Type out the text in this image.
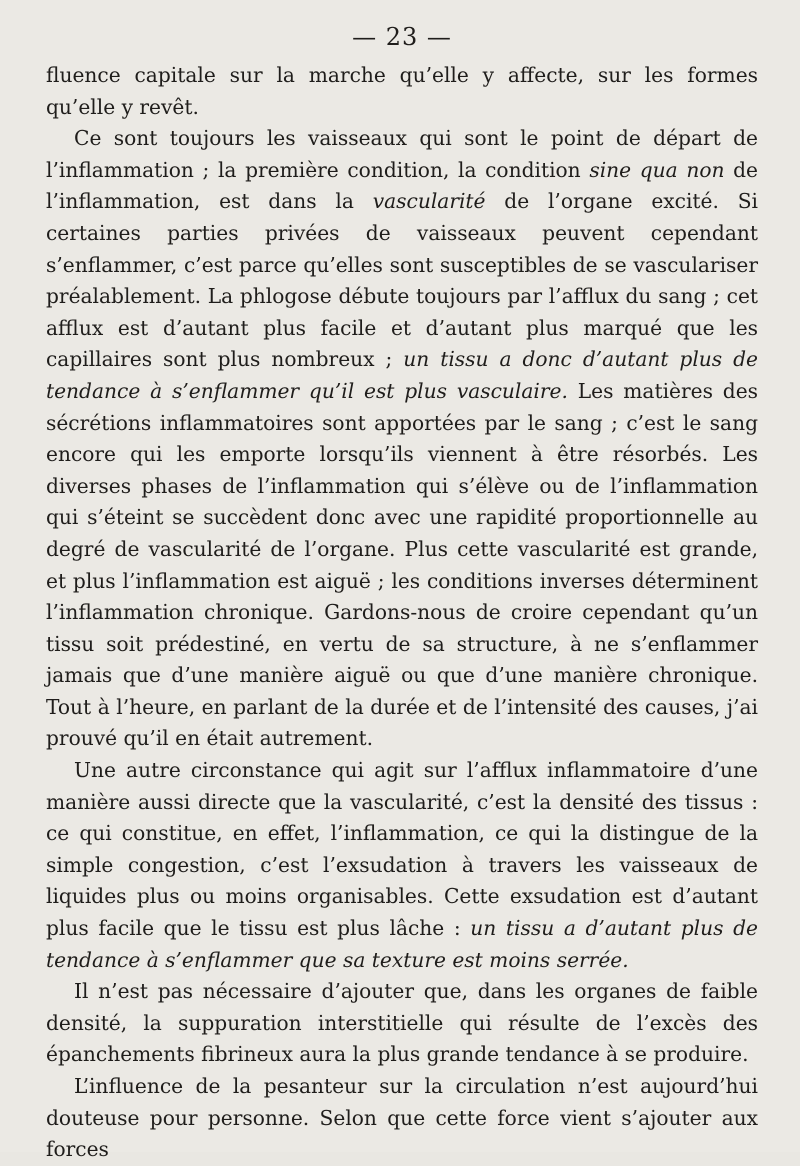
— 23 —

fluence capitale sur la marche qu’elle y affecte, sur les formes qu’elle y revêt.

Ce sont toujours les vaisseaux qui sont le point de départ de l’inflammation ; la première condition, la condition sine qua non de l’inflammation, est dans la vascularité de l’organe excité. Si certaines parties privées de vaisseaux peuvent cependant s’enflammer, c’est parce qu’elles sont susceptibles de se vasculariser préalablement. La phlogose débute toujours par l’afflux du sang ; cet afflux est d’autant plus facile et d’autant plus marqué que les capillaires sont plus nombreux ; un tissu a donc d’autant plus de tendance à s’enflammer qu’il est plus vasculaire. Les matières des sécrétions inflammatoires sont apportées par le sang ; c’est le sang encore qui les emporte lorsqu’ils viennent à être résorbés. Les diverses phases de l’inflammation qui s’élève ou de l’inflammation qui s’éteint se succèdent donc avec une rapidité proportionnelle au degré de vascularité de l’organe. Plus cette vascularité est grande, et plus l’inflammation est aiguë ; les conditions inverses déterminent l’inflammation chronique. Gardons-nous de croire cependant qu’un tissu soit prédestiné, en vertu de sa structure, à ne s’enflammer jamais que d’une manière aiguë ou que d’une manière chronique. Tout à l’heure, en parlant de la durée et de l’intensité des causes, j’ai prouvé qu’il en était autrement.

Une autre circonstance qui agit sur l’afflux inflammatoire d’une manière aussi directe que la vascularité, c’est la densité des tissus : ce qui constitue, en effet, l’inflammation, ce qui la distingue de la simple congestion, c’est l’exsudation à travers les vaisseaux de liquides plus ou moins organisables. Cette exsudation est d’autant plus facile que le tissu est plus lâche : un tissu a d’autant plus de tendance à s’enflammer que sa texture est moins serrée.

Il n’est pas nécessaire d’ajouter que, dans les organes de faible densité, la suppuration interstitielle qui résulte de l’excès des épanchements fibrineux aura la plus grande tendance à se produire.

L’influence de la pesanteur sur la circulation n’est aujourd’hui douteuse pour personne. Selon que cette force vient s’ajouter aux forces
